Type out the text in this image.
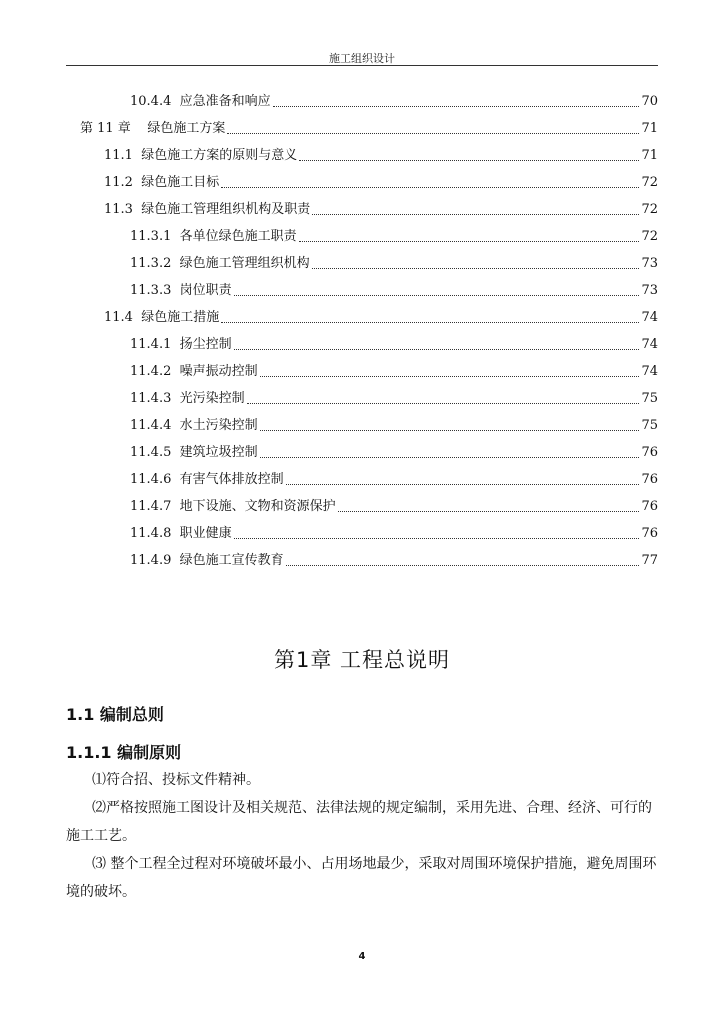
施工组织设计
10.4.4  应急准备和响应	70
第 11 章    绿色施工方案	71
11.1  绿色施工方案的原则与意义	71
11.2  绿色施工目标	72
11.3  绿色施工管理组织机构及职责	72
11.3.1  各单位绿色施工职责	72
11.3.2  绿色施工管理组织机构	73
11.3.3  岗位职责	73
11.4  绿色施工措施	74
11.4.1  扬尘控制	74
11.4.2  噪声振动控制	74
11.4.3  光污染控制	75
11.4.4  水土污染控制	75
11.4.5  建筑垃圾控制	76
11.4.6  有害气体排放控制	76
11.4.7  地下设施、文物和资源保护	76
11.4.8  职业健康	76
11.4.9  绿色施工宣传教育	77
第1章 工程总说明
1.1 编制总则
1.1.1 编制原则
⑴符合招、投标文件精神。
⑵严格按照施工图设计及相关规范、法律法规的规定编制，采用先进、合理、经济、可行的施工工艺。
⑶ 整个工程全过程对环境破坏最小、占用场地最少，采取对周围环境保护措施，避免周围环境的破坏。
4
